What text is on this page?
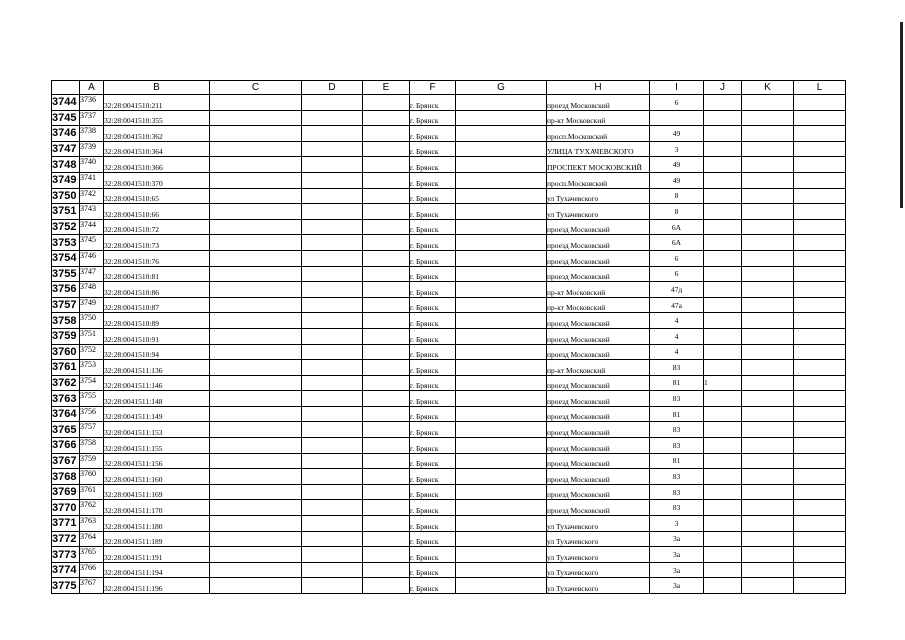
	A	B	C	D	E	F	G	H	I	J	K	L
3744	3736	32:28:0041510:211				г. Брянск		проезд Московский	6			
3745	3737	32:28:0041510:355				г. Брянск		пр-кт Московский				
3746	3738	32:28:0041510:362				г. Брянск		просп.Московский	49			
3747	3739	32:28:0041510:364				г. Брянск		УЛИЦА ТУХАЧЕВСКОГО	3			
3748	3740	32:28:0041510:366				г. Брянск		ПРОСПЕКТ МОСКОВСКИЙ	49			
3749	3741	32:28:0041510:370				г. Брянск		просп.Московский	49			
3750	3742	32:28:0041510:65				г. Брянск		ул Тухачевского	8			
3751	3743	32:28:0041510:66				г. Брянск		ул Тухачевского	8			
3752	3744	32:28:0041510:72				г. Брянск		проезд Московский	6А			
3753	3745	32:28:0041510:73				г. Брянск		проезд Московский	6А			
3754	3746	32:28:0041510:76				г. Брянск		проезд Московский	6			
3755	3747	32:28:0041510:81				г. Брянск		проезд Московский	6			
3756	3748	32:28:0041510:86				г. Брянск		пр-кт Московский	47д			
3757	3749	32:28:0041510:87				г. Брянск		пр-кт Московский	47а			
3758	3750	32:28:0041510:89				г. Брянск		проезд Московский	4			
3759	3751	32:28:0041510:91				г. Брянск		проезд Московский	4			
3760	3752	32:28:0041510:94				г. Брянск		проезд Московский	4			
3761	3753	32:28:0041511:136				г. Брянск		пр-кт Московский	83			
3762	3754	32:28:0041511:146				г. Брянск		проезд Московский	81	1		
3763	3755	32:28:0041511:148				г. Брянск		проезд Московский	83			
3764	3756	32:28:0041511:149				г. Брянск		проезд Московский	81			
3765	3757	32:28:0041511:153				г. Брянск		проезд Московский	83			
3766	3758	32:28:0041511:155				г. Брянск		проезд Московский	83			
3767	3759	32:28:0041511:156				г. Брянск		проезд Московский	81			
3768	3760	32:28:0041511:160				г. Брянск		проезд Московский	83			
3769	3761	32:28:0041511:169				г. Брянск		проезд Московский	83			
3770	3762	32:28:0041511:170				г. Брянск		проезд Московский	83			
3771	3763	32:28:0041511:180				г. Брянск		ул Тухачевского	3			
3772	3764	32:28:0041511:189				г. Брянск		ул Тухачевского	3а			
3773	3765	32:28:0041511:191				г. Брянск		ул Тухачевского	3а			
3774	3766	32:28:0041511:194				г. Брянск		ул Тухачевского	3а			
3775	3767	32:28:0041511:196				г. Брянск		ул Тухачевского	3а			
